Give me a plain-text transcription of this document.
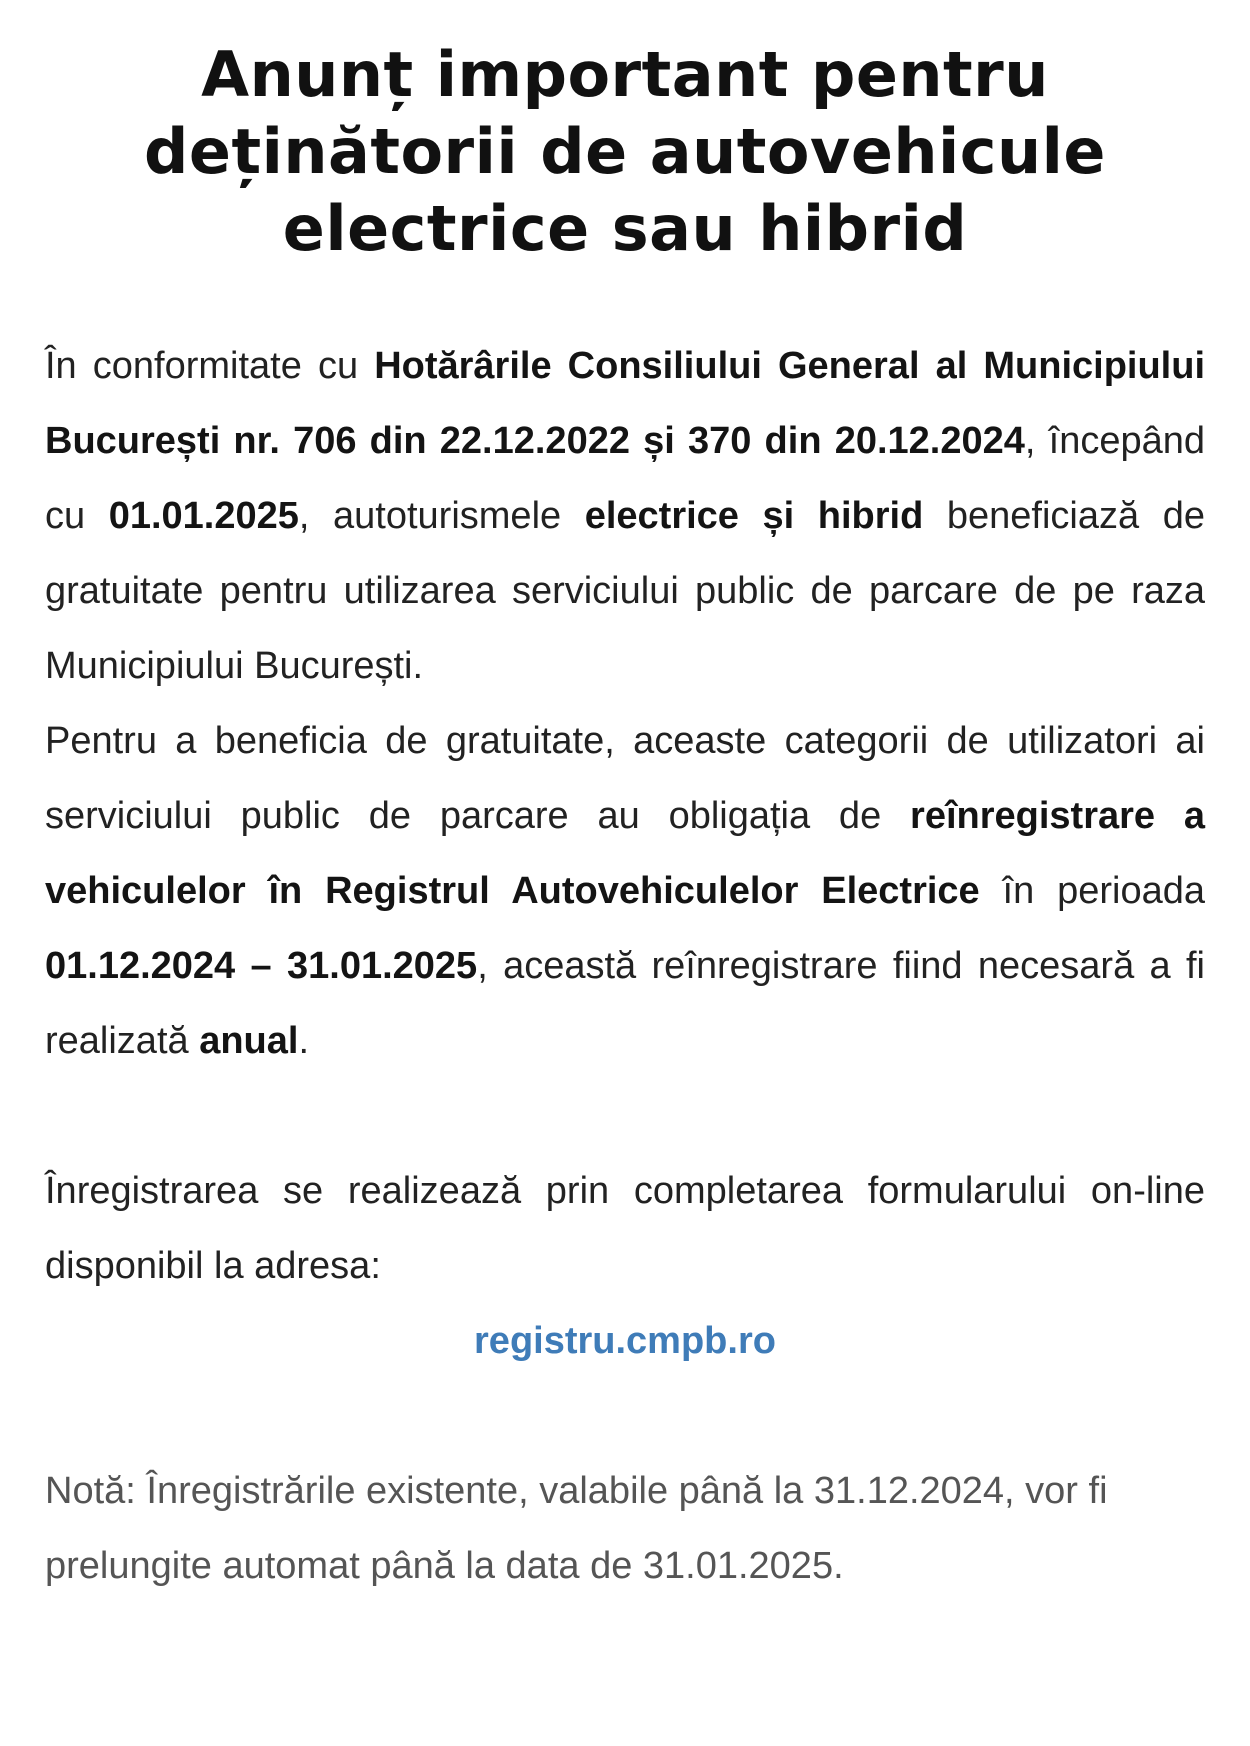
Anunț important pentru deținătorii de autovehicule electrice sau hibrid

În conformitate cu Hotărârile Consiliului General al Municipiului București nr. 706 din 22.12.2022 și 370 din 20.12.2024, începând cu 01.01.2025, autoturismele electrice și hibrid beneficiază de gratuitate pentru utilizarea serviciului public de parcare de pe raza Municipiului București.

Pentru a beneficia de gratuitate, aceaste categorii de utilizatori ai serviciului public de parcare au obligația de reînregistrare a vehiculelor în Registrul Autovehiculelor Electrice în perioada 01.12.2024 – 31.01.2025, această reînregistrare fiind necesară a fi realizată anual.

Înregistrarea se realizează prin completarea formularului on-line disponibil la adresa:

registru.cmpb.ro

Notă: Înregistrările existente, valabile până la 31.12.2024, vor fi prelungite automat până la data de 31.01.2025.
